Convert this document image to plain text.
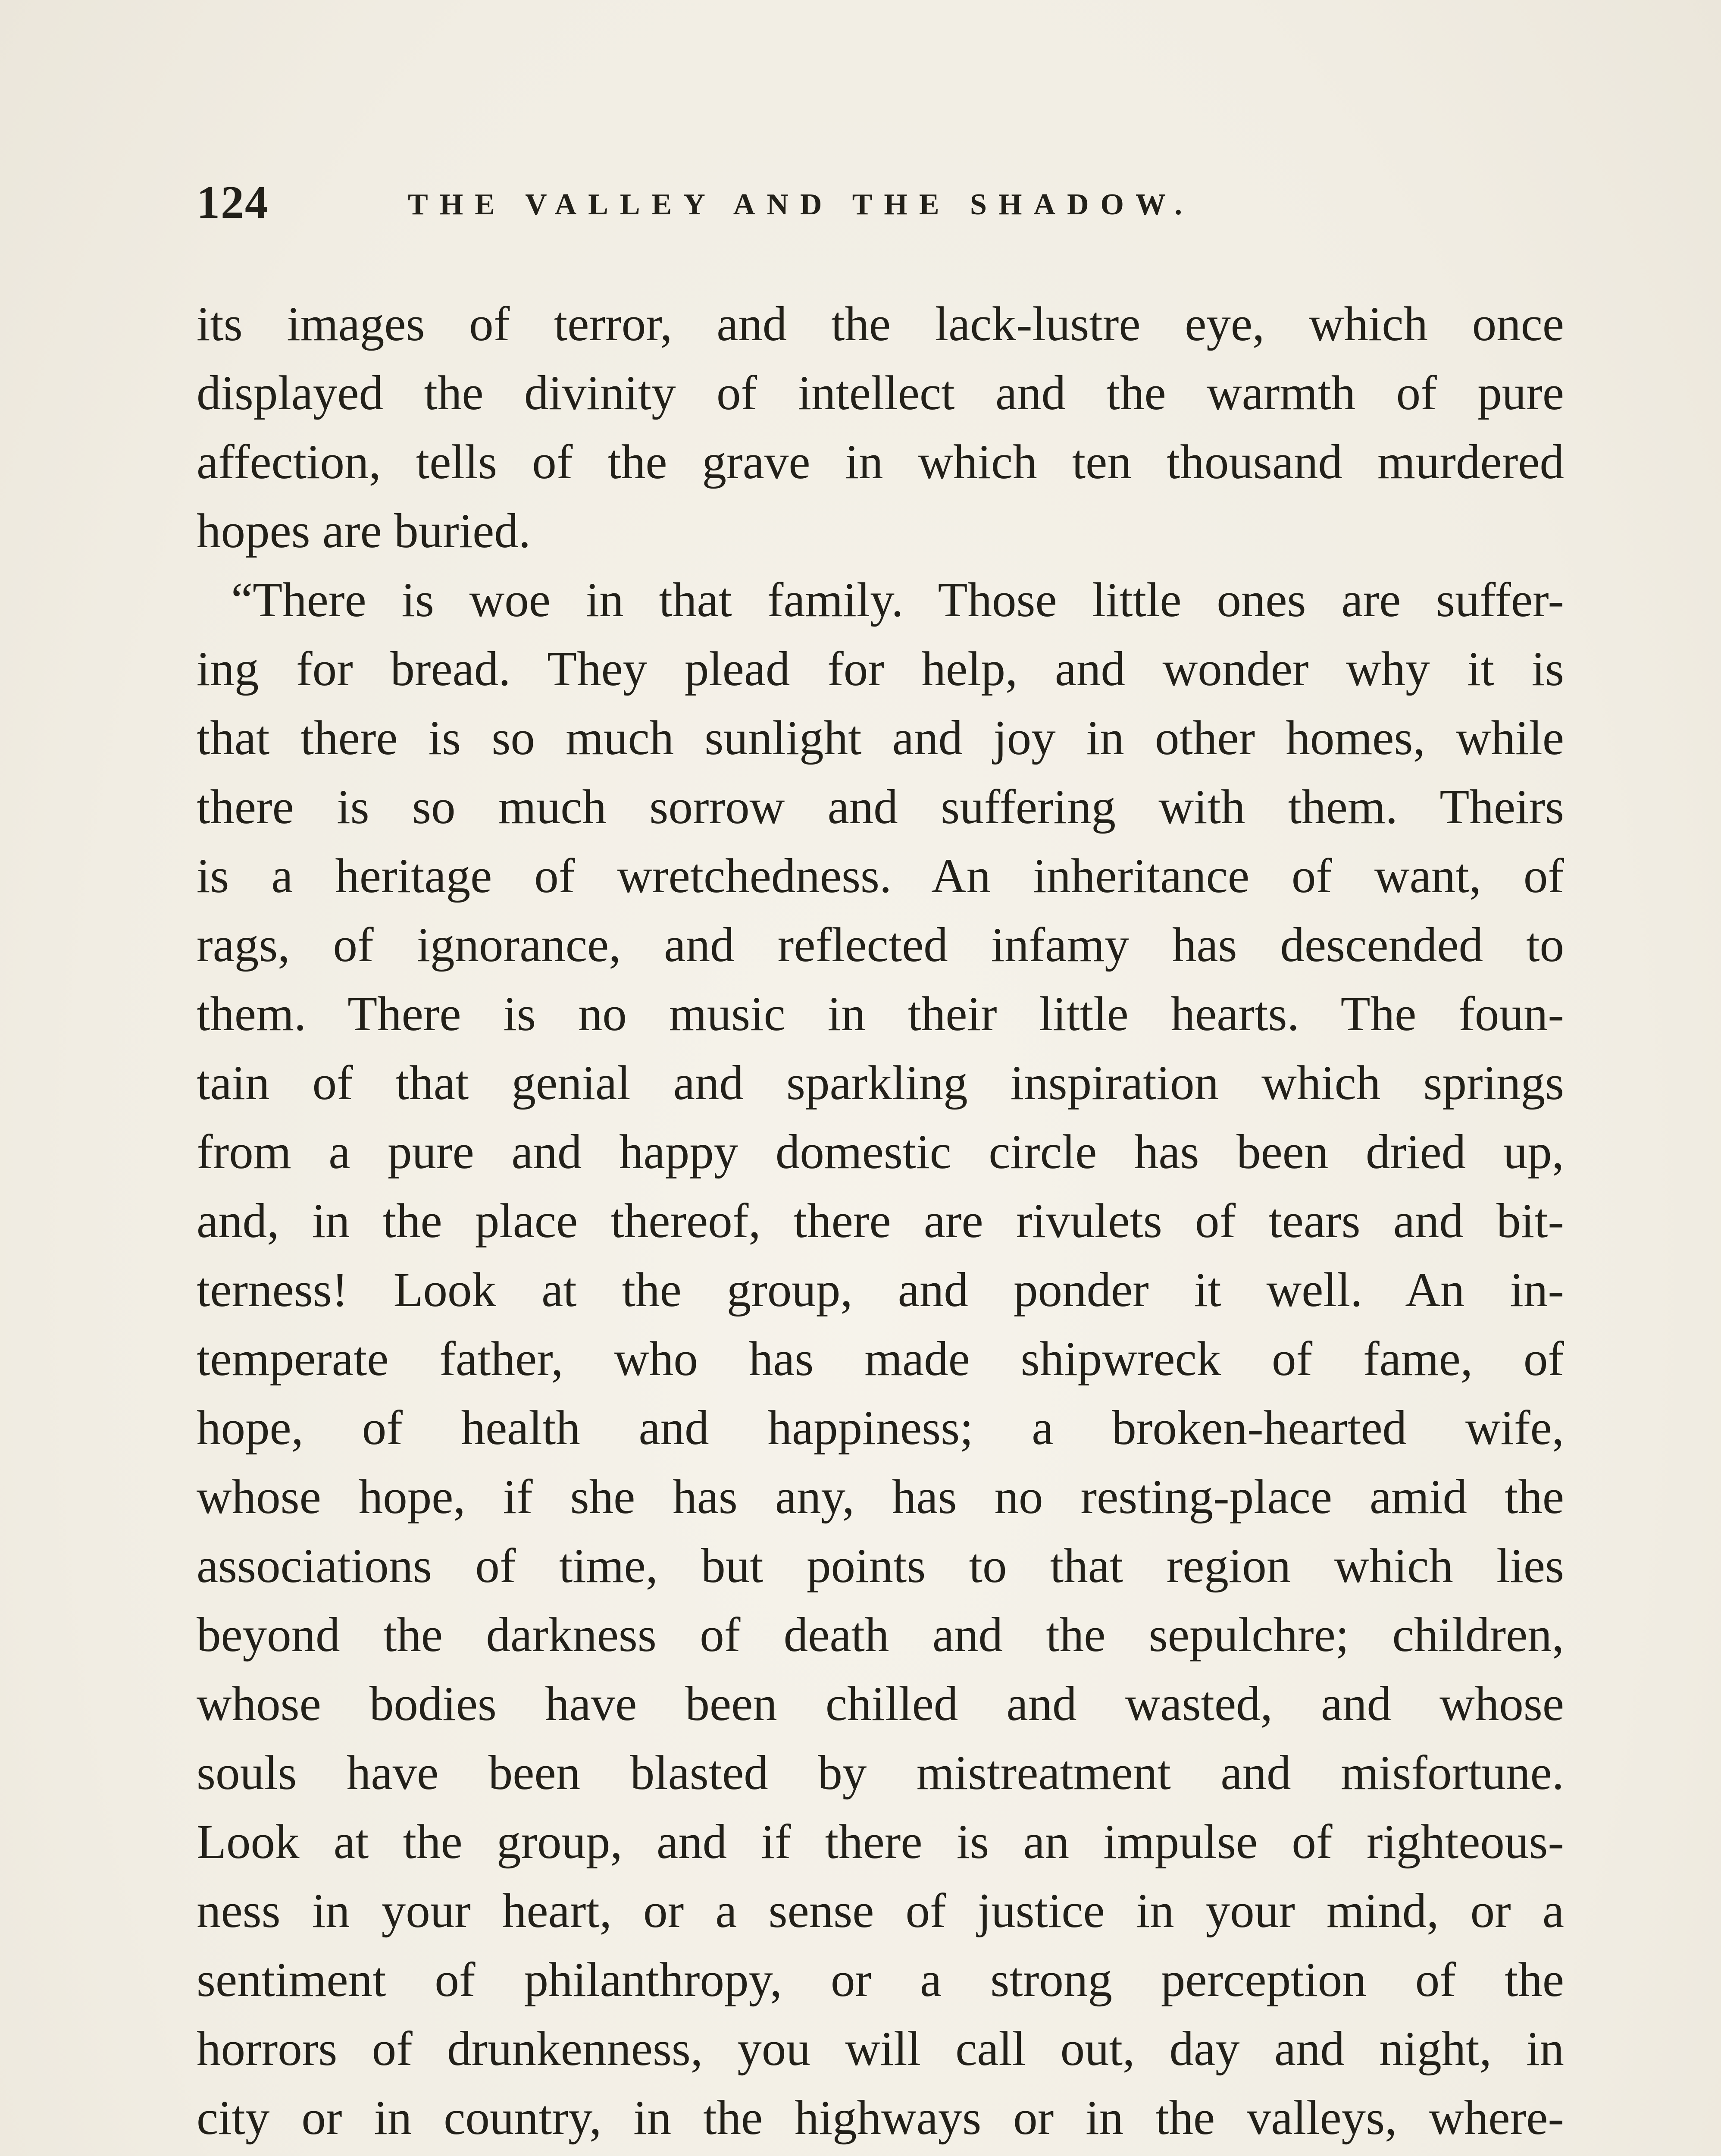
124	THE VALLEY AND THE SHADOW.
its images of terror, and the lack-lustre eye, which once
displayed the divinity of intellect and the warmth of pure
affection, tells of the grave in which ten thousand murdered
hopes are buried.
“There is woe in that family. Those little ones are suffer-
ing for bread. They plead for help, and wonder why it is
that there is so much sunlight and joy in other homes, while
there is so much sorrow and suffering with them. Theirs
is a heritage of wretchedness. An inheritance of want, of
rags, of ignorance, and reflected infamy has descended to
them. There is no music in their little hearts. The foun-
tain of that genial and sparkling inspiration which springs
from a pure and happy domestic circle has been dried up,
and, in the place thereof, there are rivulets of tears and bit-
terness! Look at the group, and ponder it well. An in-
temperate father, who has made shipwreck of fame, of
hope, of health and happiness; a broken-hearted wife,
whose hope, if she has any, has no resting-place amid the
associations of time, but points to that region which lies
beyond the darkness of death and the sepulchre; children,
whose bodies have been chilled and wasted, and whose
souls have been blasted by mistreatment and misfortune.
Look at the group, and if there is an impulse of righteous-
ness in your heart, or a sense of justice in your mind, or a
sentiment of philanthropy, or a strong perception of the
horrors of drunkenness, you will call out, day and night, in
city or in country, in the highways or in the valleys, where-
